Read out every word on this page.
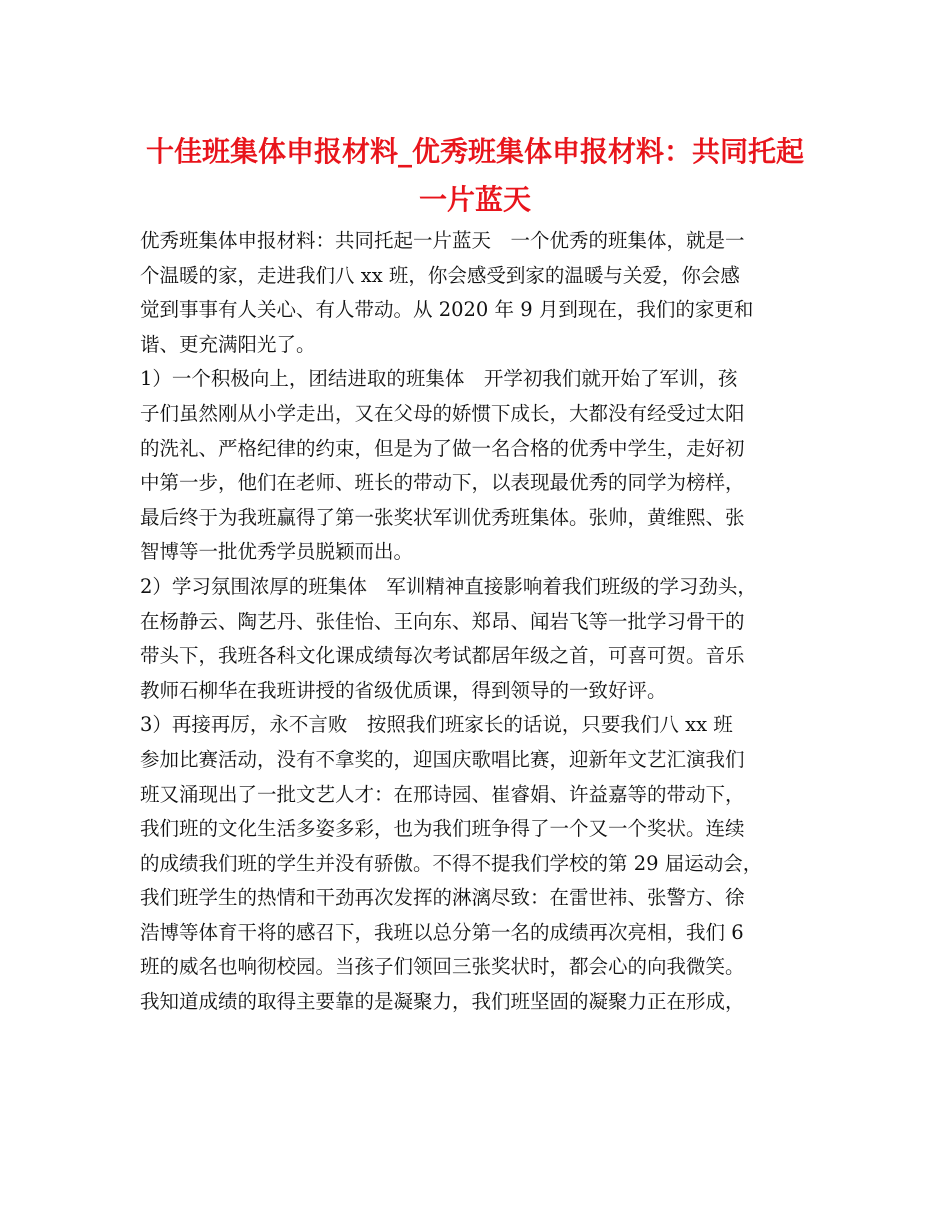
十佳班集体申报材料_优秀班集体申报材料：共同托起
一片蓝天
优秀班集体申报材料：共同托起一片蓝天　一个优秀的班集体，就是一
个温暖的家，走进我们八 xx 班，你会感受到家的温暖与关爱，你会感
觉到事事有人关心、有人带动。从 2020 年 9 月到现在，我们的家更和
谐、更充满阳光了。
1）一个积极向上，团结进取的班集体　开学初我们就开始了军训，孩
子们虽然刚从小学走出，又在父母的娇惯下成长，大都没有经受过太阳
的洗礼、严格纪律的约束，但是为了做一名合格的优秀中学生，走好初
中第一步，他们在老师、班长的带动下，以表现最优秀的同学为榜样，
最后终于为我班赢得了第一张奖状军训优秀班集体。张帅，黄维熙、张
智博等一批优秀学员脱颖而出。
2）学习氛围浓厚的班集体　军训精神直接影响着我们班级的学习劲头，
在杨静云、陶艺丹、张佳怡、王向东、郑昂、闻岩飞等一批学习骨干的
带头下，我班各科文化课成绩每次考试都居年级之首，可喜可贺。音乐
教师石柳华在我班讲授的省级优质课，得到领导的一致好评。
3）再接再厉，永不言败　按照我们班家长的话说，只要我们八 xx 班
参加比赛活动，没有不拿奖的，迎国庆歌唱比赛，迎新年文艺汇演我们
班又涌现出了一批文艺人才：在邢诗园、崔睿娟、许益嘉等的带动下，
我们班的文化生活多姿多彩，也为我们班争得了一个又一个奖状。连续
的成绩我们班的学生并没有骄傲。不得不提我们学校的第 29 届运动会，
我们班学生的热情和干劲再次发挥的淋漓尽致：在雷世祎、张警方、徐
浩博等体育干将的感召下，我班以总分第一名的成绩再次亮相，我们 6
班的威名也响彻校园。当孩子们领回三张奖状时，都会心的向我微笑。
我知道成绩的取得主要靠的是凝聚力，我们班坚固的凝聚力正在形成，
